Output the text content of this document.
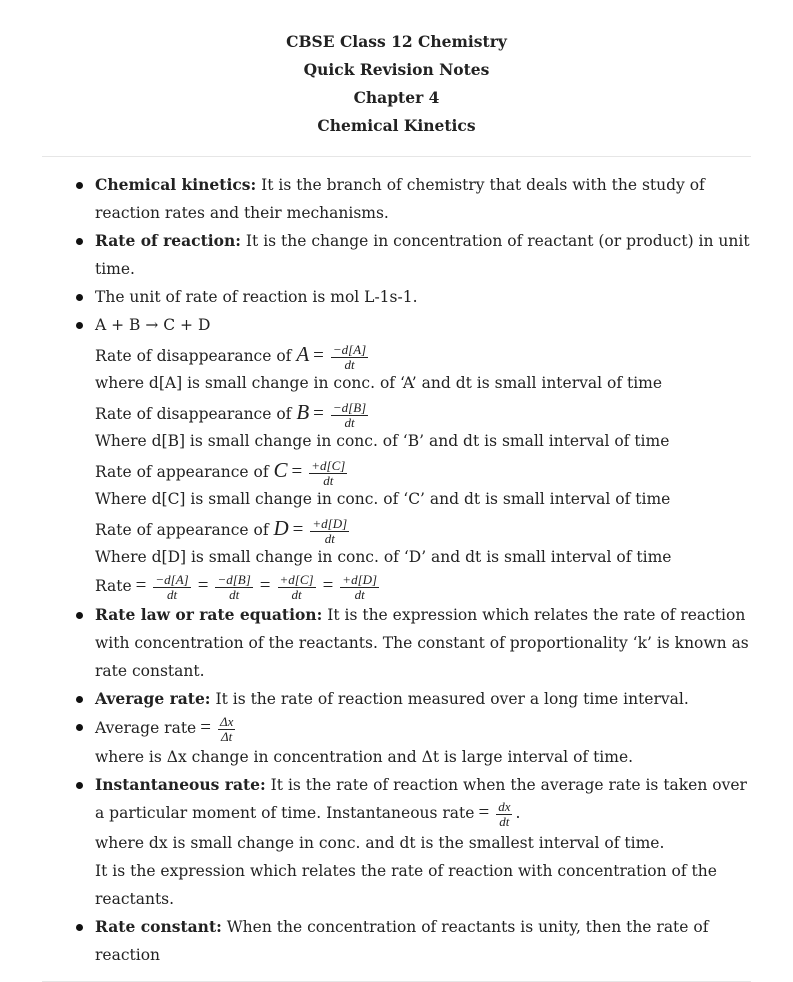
CBSE Class 12 Chemistry
Quick Revision Notes
Chapter 4
Chemical Kinetics
Chemical kinetics: It is the branch of chemistry that deals with the study of reaction rates and their mechanisms.
Rate of reaction: It is the change in concentration of reactant (or product) in unit time.
The unit of rate of reaction is mol L-1s-1.
A + B → C + D
Rate of disappearance of $A = \frac{-d[A]}{dt}$
where d[A] is small change in conc. of ‘A’ and dt is small interval of time
Rate of disappearance of $B = \frac{-d[B]}{dt}$
Where d[B] is small change in conc. of ‘B’ and dt is small interval of time
Rate of appearance of $C = \frac{+d[C]}{dt}$
Where d[C] is small change in conc. of ‘C’ and dt is small interval of time
Rate of appearance of $D = \frac{+d[D]}{dt}$
Where d[D] is small change in conc. of ‘D’ and dt is small interval of time
Rate = $\frac{-d[A]}{dt} = \frac{-d[B]}{dt} = \frac{+d[C]}{dt} = \frac{+d[D]}{dt}$
Rate law or rate equation: It is the expression which relates the rate of reaction with concentration of the reactants. The constant of proportionality ‘k’ is known as rate constant.
Average rate: It is the rate of reaction measured over a long time interval.
Average rate = $\frac{\Delta x}{\Delta t}$
where is Δx change in concentration and Δt is large interval of time.
Instantaneous rate: It is the rate of reaction when the average rate is taken over a particular moment of time. Instantaneous rate = $\frac{dx}{dt}$ .
where dx is small change in conc. and dt is the smallest interval of time.
It is the expression which relates the rate of reaction with concentration of the reactants.
Rate constant: When the concentration of reactants is unity, then the rate of reaction
